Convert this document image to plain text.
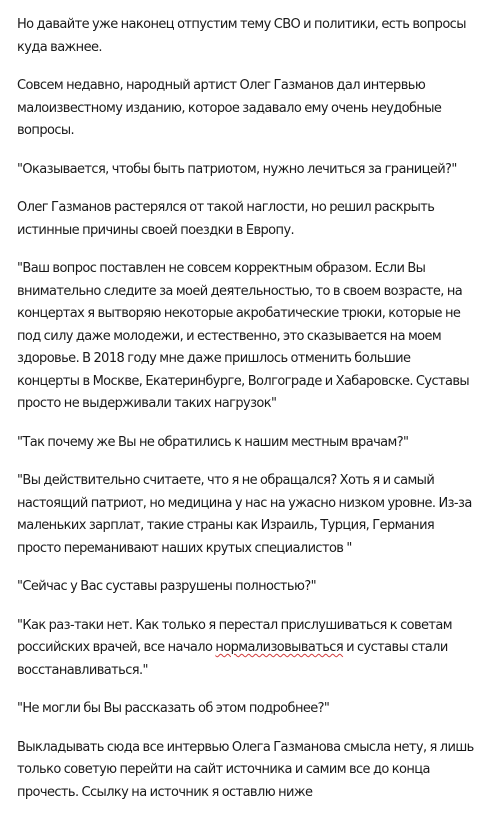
Но давайте уже наконец отпустим тему СВО и политики, есть вопросы куда важнее.

Совсем недавно, народный артист Олег Газманов дал интервью малоизвестному изданию, которое задавало ему очень неудобные вопросы.

"Оказывается, чтобы быть патриотом, нужно лечиться за границей?"

Олег Газманов растерялся от такой наглости, но решил раскрыть истинные причины своей поездки в Европу.

"Ваш вопрос поставлен не совсем корректным образом. Если Вы внимательно следите за моей деятельностью, то в своем возрасте, на концертах я вытворяю некоторые акробатические трюки, которые не под силу даже молодежи, и естественно, это сказывается на моем здоровье. В 2018 году мне даже пришлось отменить большие концерты в Москве, Екатеринбурге, Волгограде и Хабаровске. Суставы просто не выдерживали таких нагрузок"

"Так почему же Вы не обратились к нашим местным врачам?"

"Вы действительно считаете, что я не обращался? Хоть я и самый настоящий патриот, но медицина у нас на ужасно низком уровне. Из-за маленьких зарплат, такие страны как Израиль, Турция, Германия просто переманивают наших крутых специалистов "

"Сейчас у Вас суставы разрушены полностью?"

"Как раз-таки нет. Как только я перестал прислушиваться к советам российских врачей, все начало нормализовываться и суставы стали восстанавливаться."

"Не могли бы Вы рассказать об этом подробнее?"

Выкладывать сюда все интервью Олега Газманова смысла нету, я лишь только советую перейти на сайт источника и самим все до конца прочесть. Ссылку на источник я оставлю ниже
